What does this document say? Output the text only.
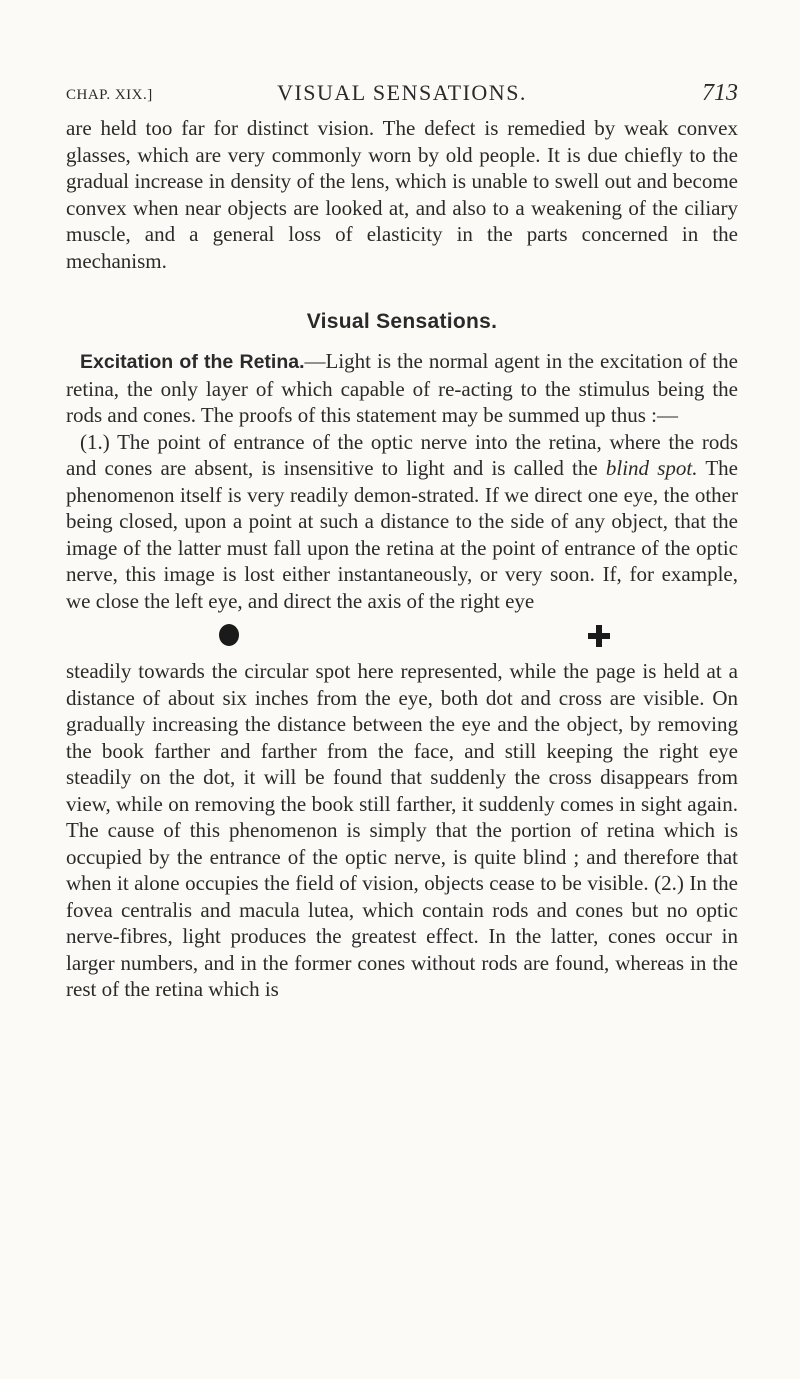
CHAP. XIX.]	VISUAL SENSATIONS.	713

are held too far for distinct vision. The defect is remedied by weak convex glasses, which are very commonly worn by old people. It is due chiefly to the gradual increase in density of the lens, which is unable to swell out and become convex when near objects are looked at, and also to a weakening of the ciliary muscle, and a general loss of elasticity in the parts concerned in the mechanism.

Visual Sensations.

Excitation of the Retina.—Light is the normal agent in the excitation of the retina, the only layer of which capable of re-acting to the stimulus being the rods and cones. The proofs of this statement may be summed up thus :—

(1.) The point of entrance of the optic nerve into the retina, where the rods and cones are absent, is insensitive to light and is called the blind spot. The phenomenon itself is very readily demon-strated. If we direct one eye, the other being closed, upon a point at such a distance to the side of any object, that the image of the latter must fall upon the retina at the point of entrance of the optic nerve, this image is lost either instantaneously, or very soon. If, for example, we close the left eye, and direct the axis of the right eye

steadily towards the circular spot here represented, while the page is held at a distance of about six inches from the eye, both dot and cross are visible. On gradually increasing the distance between the eye and the object, by removing the book farther and farther from the face, and still keeping the right eye steadily on the dot, it will be found that suddenly the cross disappears from view, while on removing the book still farther, it suddenly comes in sight again. The cause of this phenomenon is simply that the portion of retina which is occupied by the entrance of the optic nerve, is quite blind ; and therefore that when it alone occupies the field of vision, objects cease to be visible. (2.) In the fovea centralis and macula lutea, which contain rods and cones but no optic nerve-fibres, light produces the greatest effect. In the latter, cones occur in larger numbers, and in the former cones without rods are found, whereas in the rest of the retina which is
